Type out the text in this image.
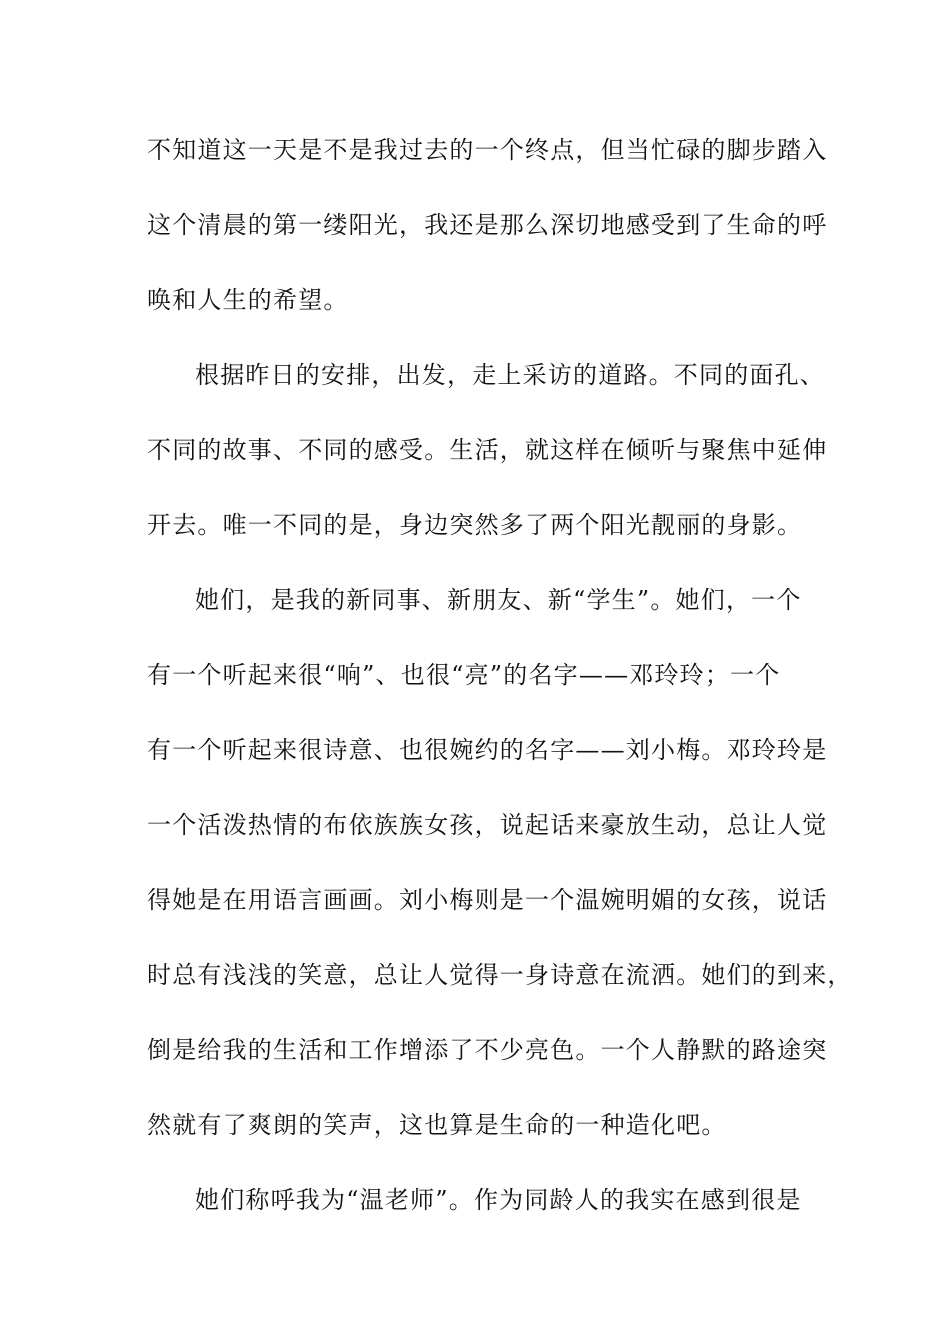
不知道这一天是不是我过去的一个终点，但当忙碌的脚步踏入
这个清晨的第一缕阳光，我还是那么深切地感受到了生命的呼
唤和人生的希望。
根据昨日的安排，出发，走上采访的道路。不同的面孔、
不同的故事、不同的感受。生活，就这样在倾听与聚焦中延伸
开去。唯一不同的是，身边突然多了两个阳光靓丽的身影。
她们，是我的新同事、新朋友、新“学生”。她们，一个
有一个听起来很“响”、也很“亮”的名字——邓玲玲；一个
有一个听起来很诗意、也很婉约的名字——刘小梅。邓玲玲是
一个活泼热情的布依族族女孩，说起话来豪放生动，总让人觉
得她是在用语言画画。刘小梅则是一个温婉明媚的女孩，说话
时总有浅浅的笑意，总让人觉得一身诗意在流洒。她们的到来，
倒是给我的生活和工作增添了不少亮色。一个人静默的路途突
然就有了爽朗的笑声，这也算是生命的一种造化吧。
她们称呼我为“温老师”。作为同龄人的我实在感到很是
